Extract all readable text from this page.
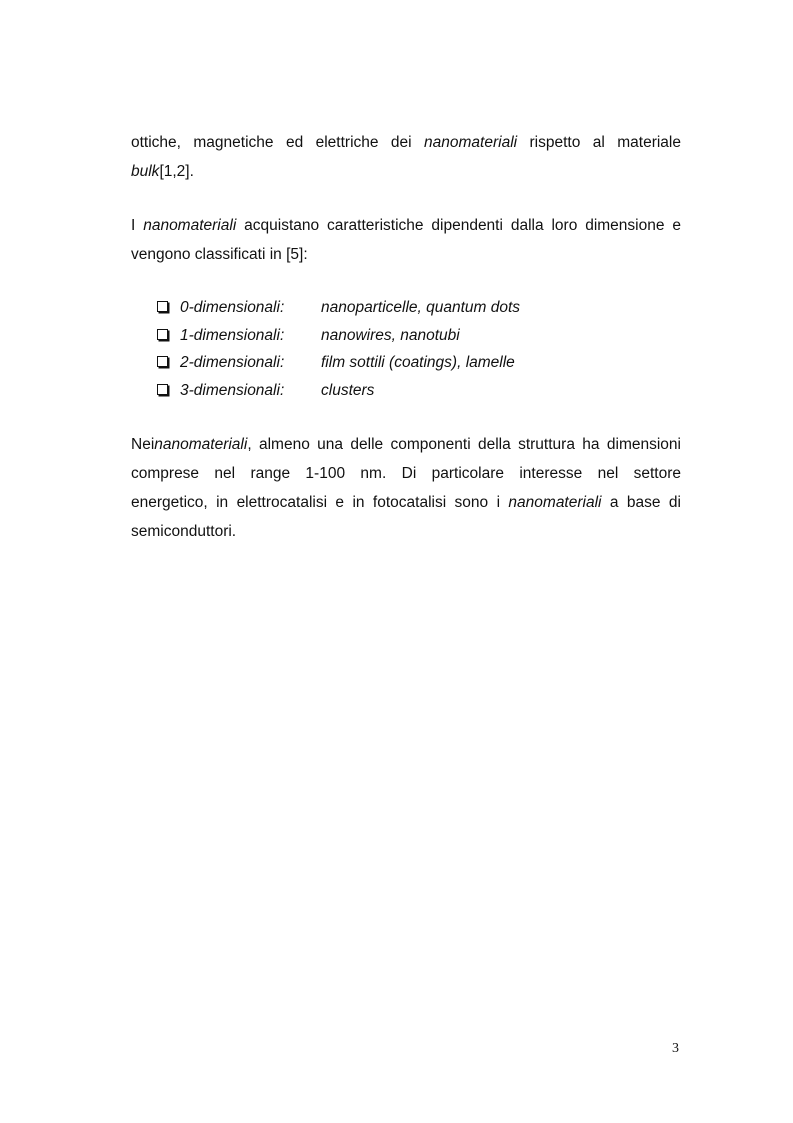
ottiche, magnetiche ed elettriche dei nanomateriali rispetto al materiale
bulk[1,2].
I nanomateriali acquistano caratteristiche dipendenti dalla loro dimensione e
vengono classificati in [5]:
0-dimensionali: nanoparticelle, quantum dots
1-dimensionali: nanowires, nanotubi
2-dimensionali: film sottili (coatings), lamelle
3-dimensionali: clusters
Neinanomateriali, almeno una delle componenti della struttura ha dimensioni
comprese nel range 1-100 nm. Di particolare interesse nel settore
energetico, in elettrocatalisi e in fotocatalisi sono i nanomateriali a base di
semiconduttori.
3
